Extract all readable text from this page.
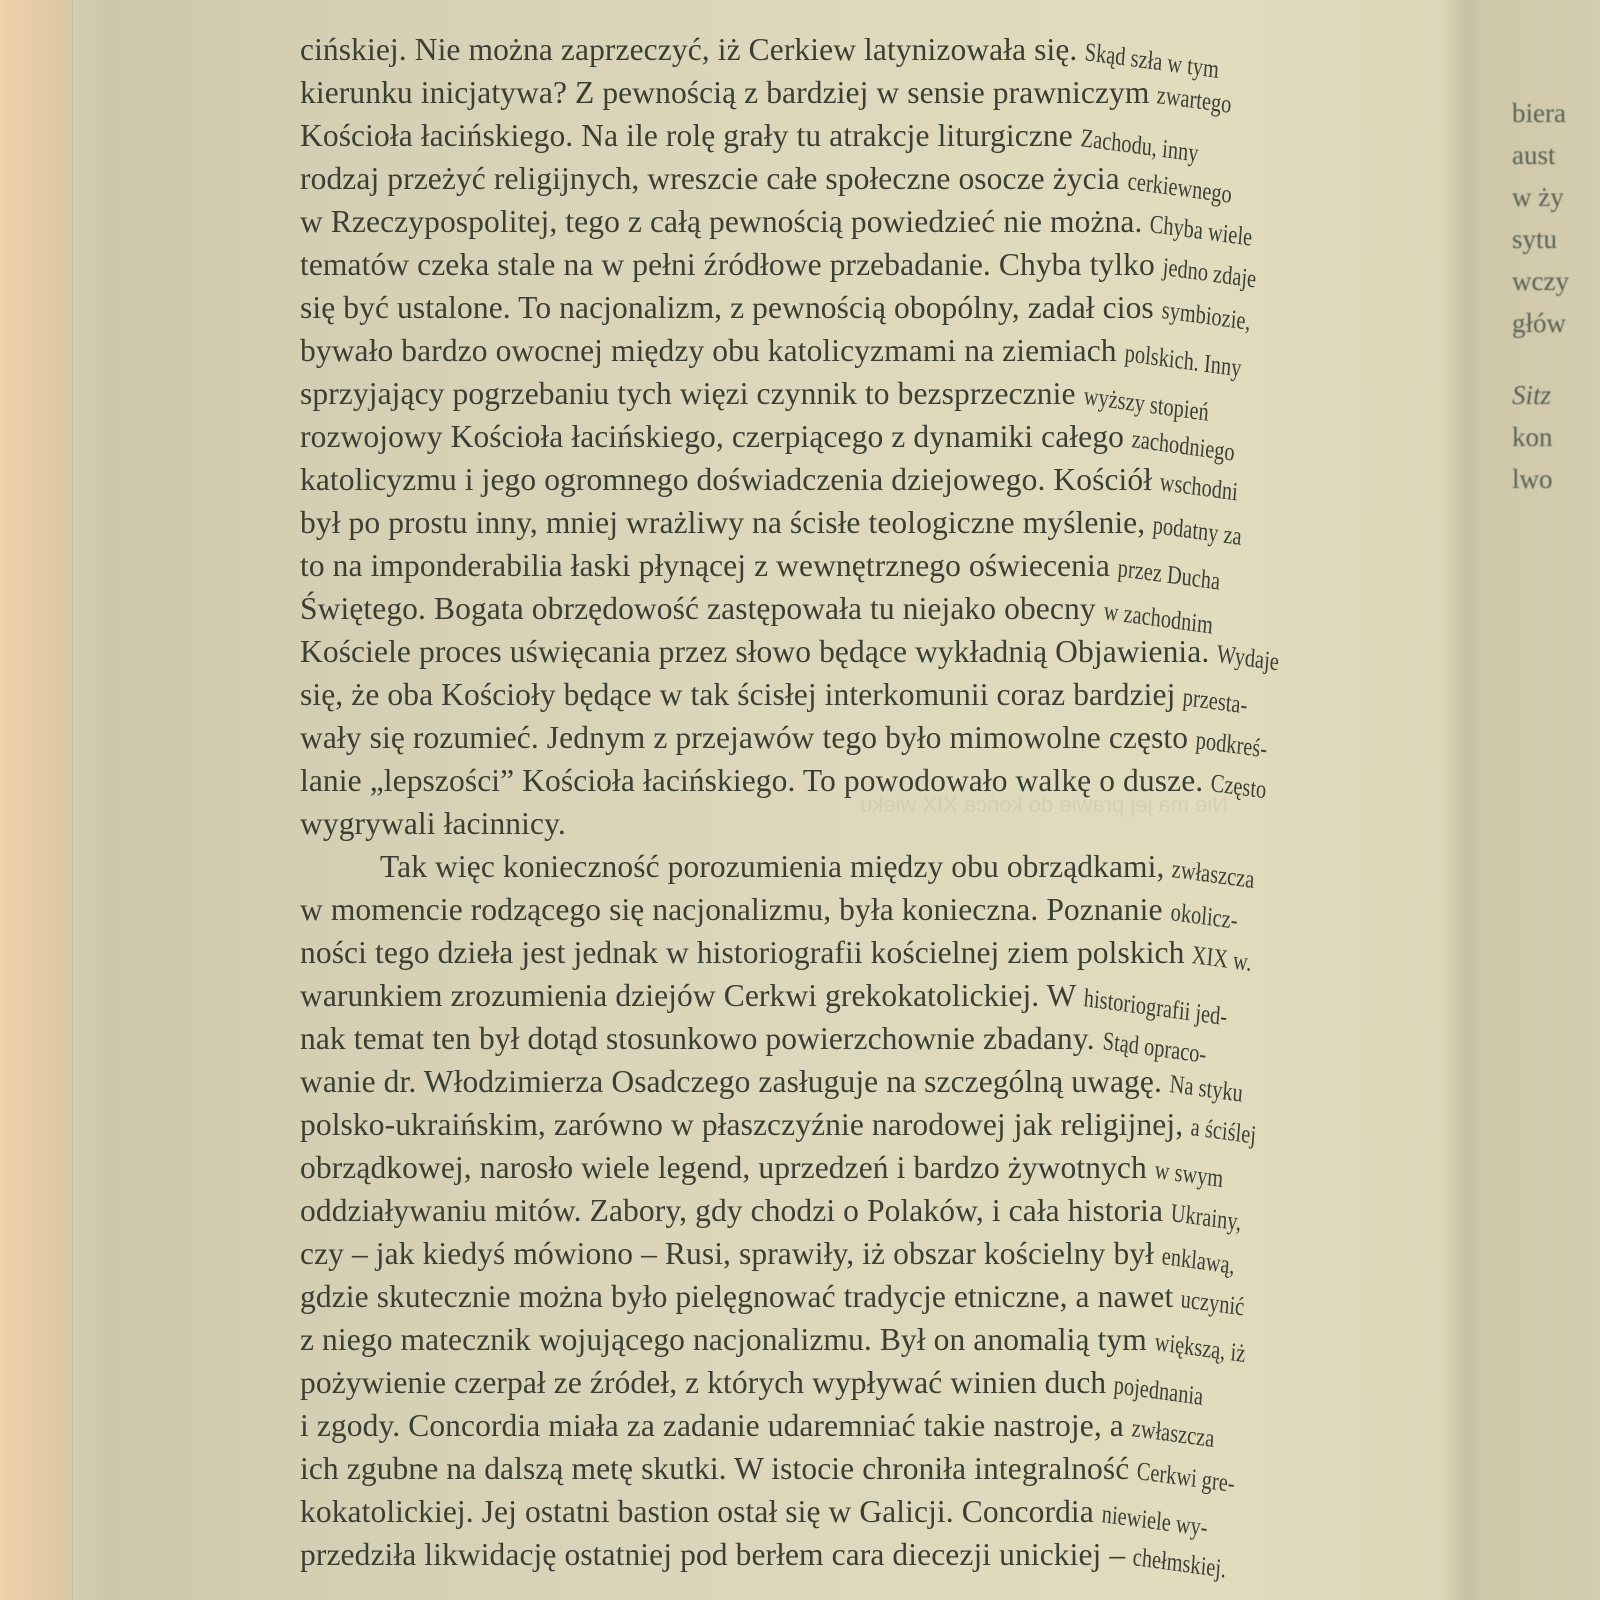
Nie ma jej prawie do końca XIX wieku
cińskiej. Nie można zaprzeczyć, iż Cerkiew latynizowała się. Skąd szła w tym
kierunku inicjatywa? Z pewnością z bardziej w sensie prawniczym zwartego
Kościoła łacińskiego. Na ile rolę grały tu atrakcje liturgiczne Zachodu, inny
rodzaj przeżyć religijnych, wreszcie całe społeczne osocze życia cerkiewnego
w Rzeczypospolitej, tego z całą pewnością powiedzieć nie można. Chyba wiele
tematów czeka stale na w pełni źródłowe przebadanie. Chyba tylko jedno zdaje
się być ustalone. To nacjonalizm, z pewnością obopólny, zadał cios symbiozie,
bywało bardzo owocnej między obu katolicyzmami na ziemiach polskich. Inny
sprzyjający pogrzebaniu tych więzi czynnik to bezsprzecznie wyższy stopień
rozwojowy Kościoła łacińskiego, czerpiącego z dynamiki całego zachodniego
katolicyzmu i jego ogromnego doświadczenia dziejowego. Kościół wschodni
był po prostu inny, mniej wrażliwy na ścisłe teologiczne myślenie, podatny za
to na imponderabilia łaski płynącej z wewnętrznego oświecenia przez Ducha
Świętego. Bogata obrzędowość zastępowała tu niejako obecny w zachodnim
Kościele proces uświęcania przez słowo będące wykładnią Objawienia. Wydaje
się, że oba Kościoły będące w tak ścisłej interkomunii coraz bardziej przesta-
wały się rozumieć. Jednym z przejawów tego było mimowolne często podkreś-
lanie „lepszości” Kościoła łacińskiego. To powodowało walkę o dusze. Często
wygrywali łacinnicy.
Tak więc konieczność porozumienia między obu obrządkami, zwłaszcza
w momencie rodzącego się nacjonalizmu, była konieczna. Poznanie okolicz-
ności tego dzieła jest jednak w historiografii kościelnej ziem polskich XIX w.
warunkiem zrozumienia dziejów Cerkwi grekokatolickiej. W historiografii jed-
nak temat ten był dotąd stosunkowo powierzchownie zbadany. Stąd opraco-
wanie dr. Włodzimierza Osadczego zasługuje na szczególną uwagę. Na styku
polsko-ukraińskim, zarówno w płaszczyźnie narodowej jak religijnej, a ściślej
obrządkowej, narosło wiele legend, uprzedzeń i bardzo żywotnych w swym
oddziaływaniu mitów. Zabory, gdy chodzi o Polaków, i cała historia Ukrainy,
czy – jak kiedyś mówiono – Rusi, sprawiły, iż obszar kościelny był enklawą,
gdzie skutecznie można było pielęgnować tradycje etniczne, a nawet uczynić
z niego matecznik wojującego nacjonalizmu. Był on anomalią tym większą, iż
pożywienie czerpał ze źródeł, z których wypływać winien duch pojednania
i zgody. Concordia miała za zadanie udaremniać takie nastroje, a zwłaszcza
ich zgubne na dalszą metę skutki. W istocie chroniła integralność Cerkwi gre-
kokatolickiej. Jej ostatni bastion ostał się w Galicji. Concordia niewiele wy-
przedziła likwidację ostatniej pod berłem cara diecezji unickiej – chełmskiej.
biera
aust
w ży
sytu
wczy
głów
Sitz
kon
lwo
